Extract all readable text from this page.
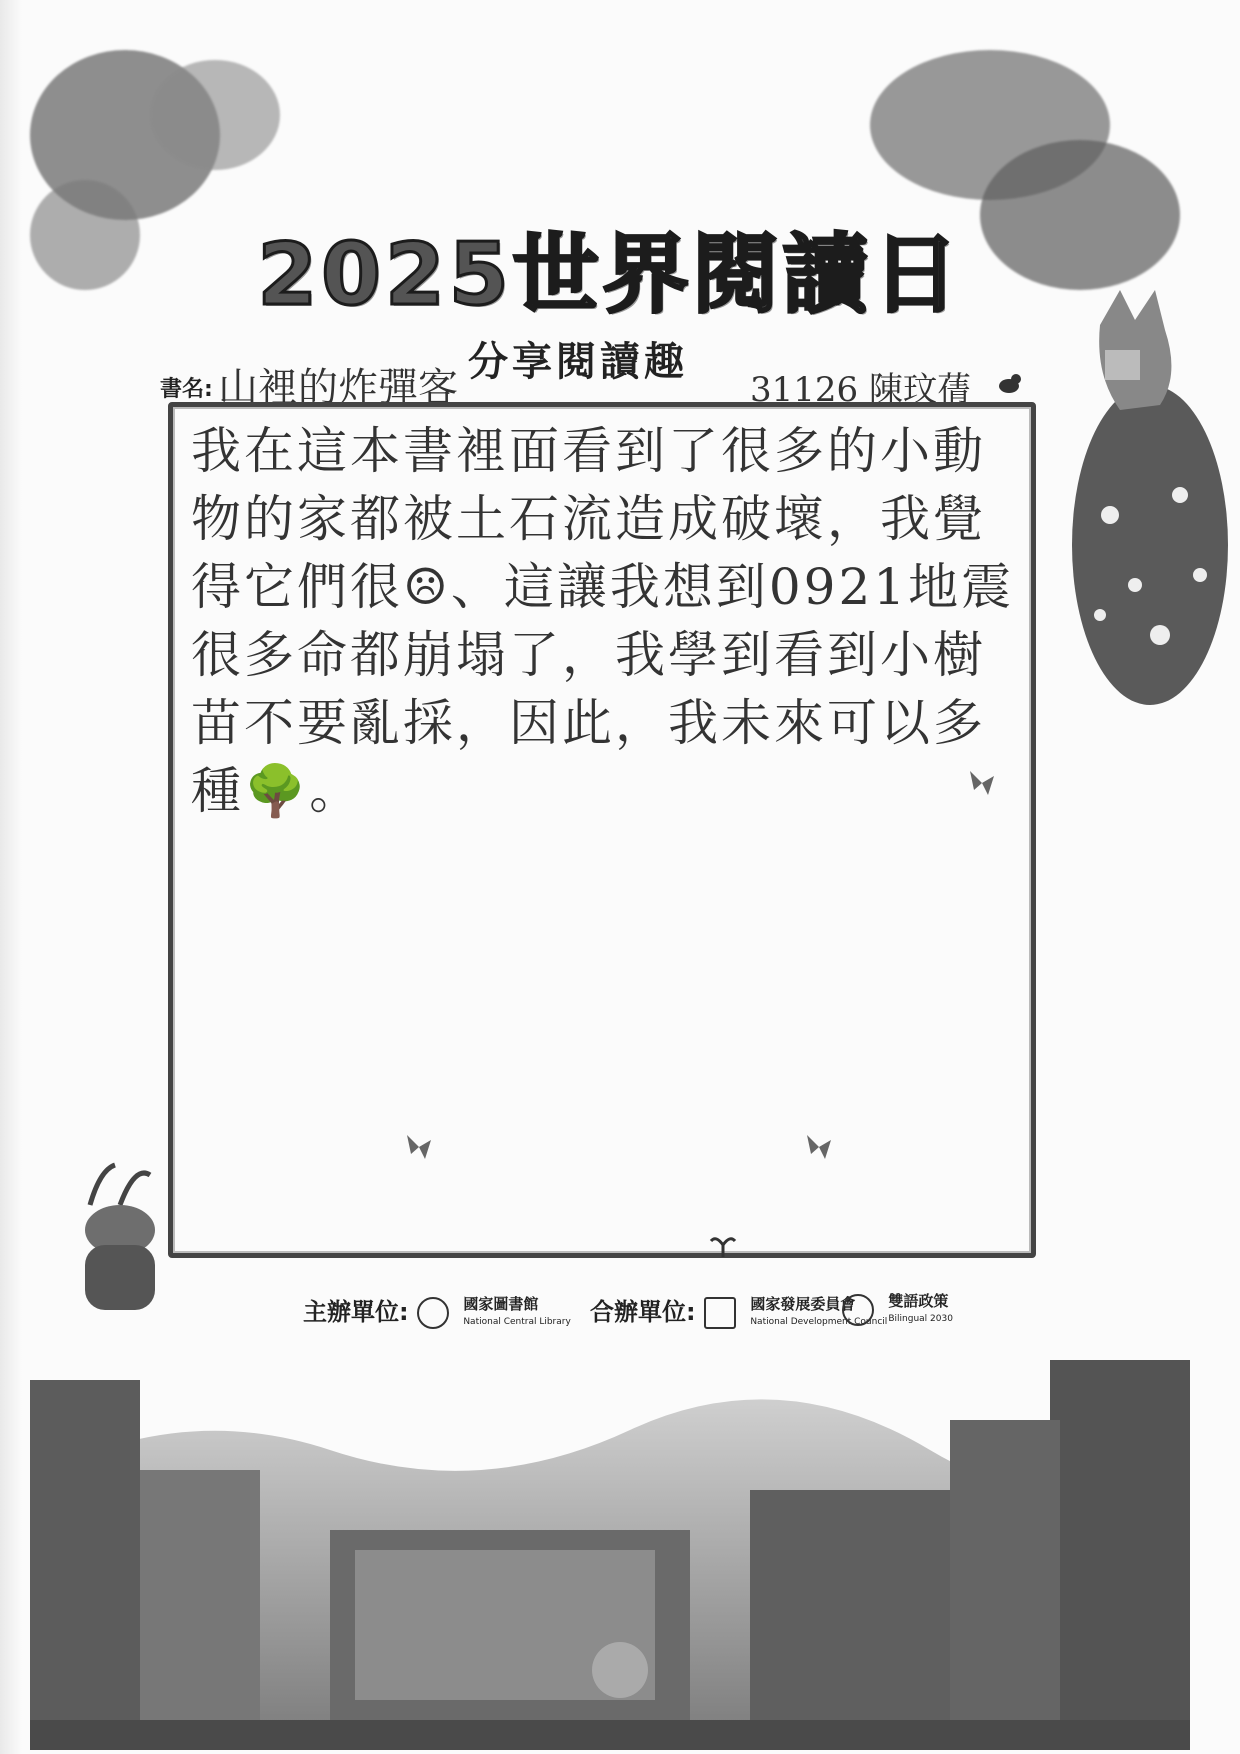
2025世界閱讀日
書名: 山裡的炸彈客
分享閱讀趣
31126 陳玟蒨
我在這本書裡面看到了很多的小動物的家都被土石流造成破壞，我覺得它們很☹、這讓我想到0921地震很多命都崩塌了，我學到看到小樹苗不要亂採，因此，我未來可以多種🌳。
主辦單位:	國家圖書館
National Central Library 合辦單位:	國家發展委員會
National Development Council
雙語政策
Bilingual 2030
